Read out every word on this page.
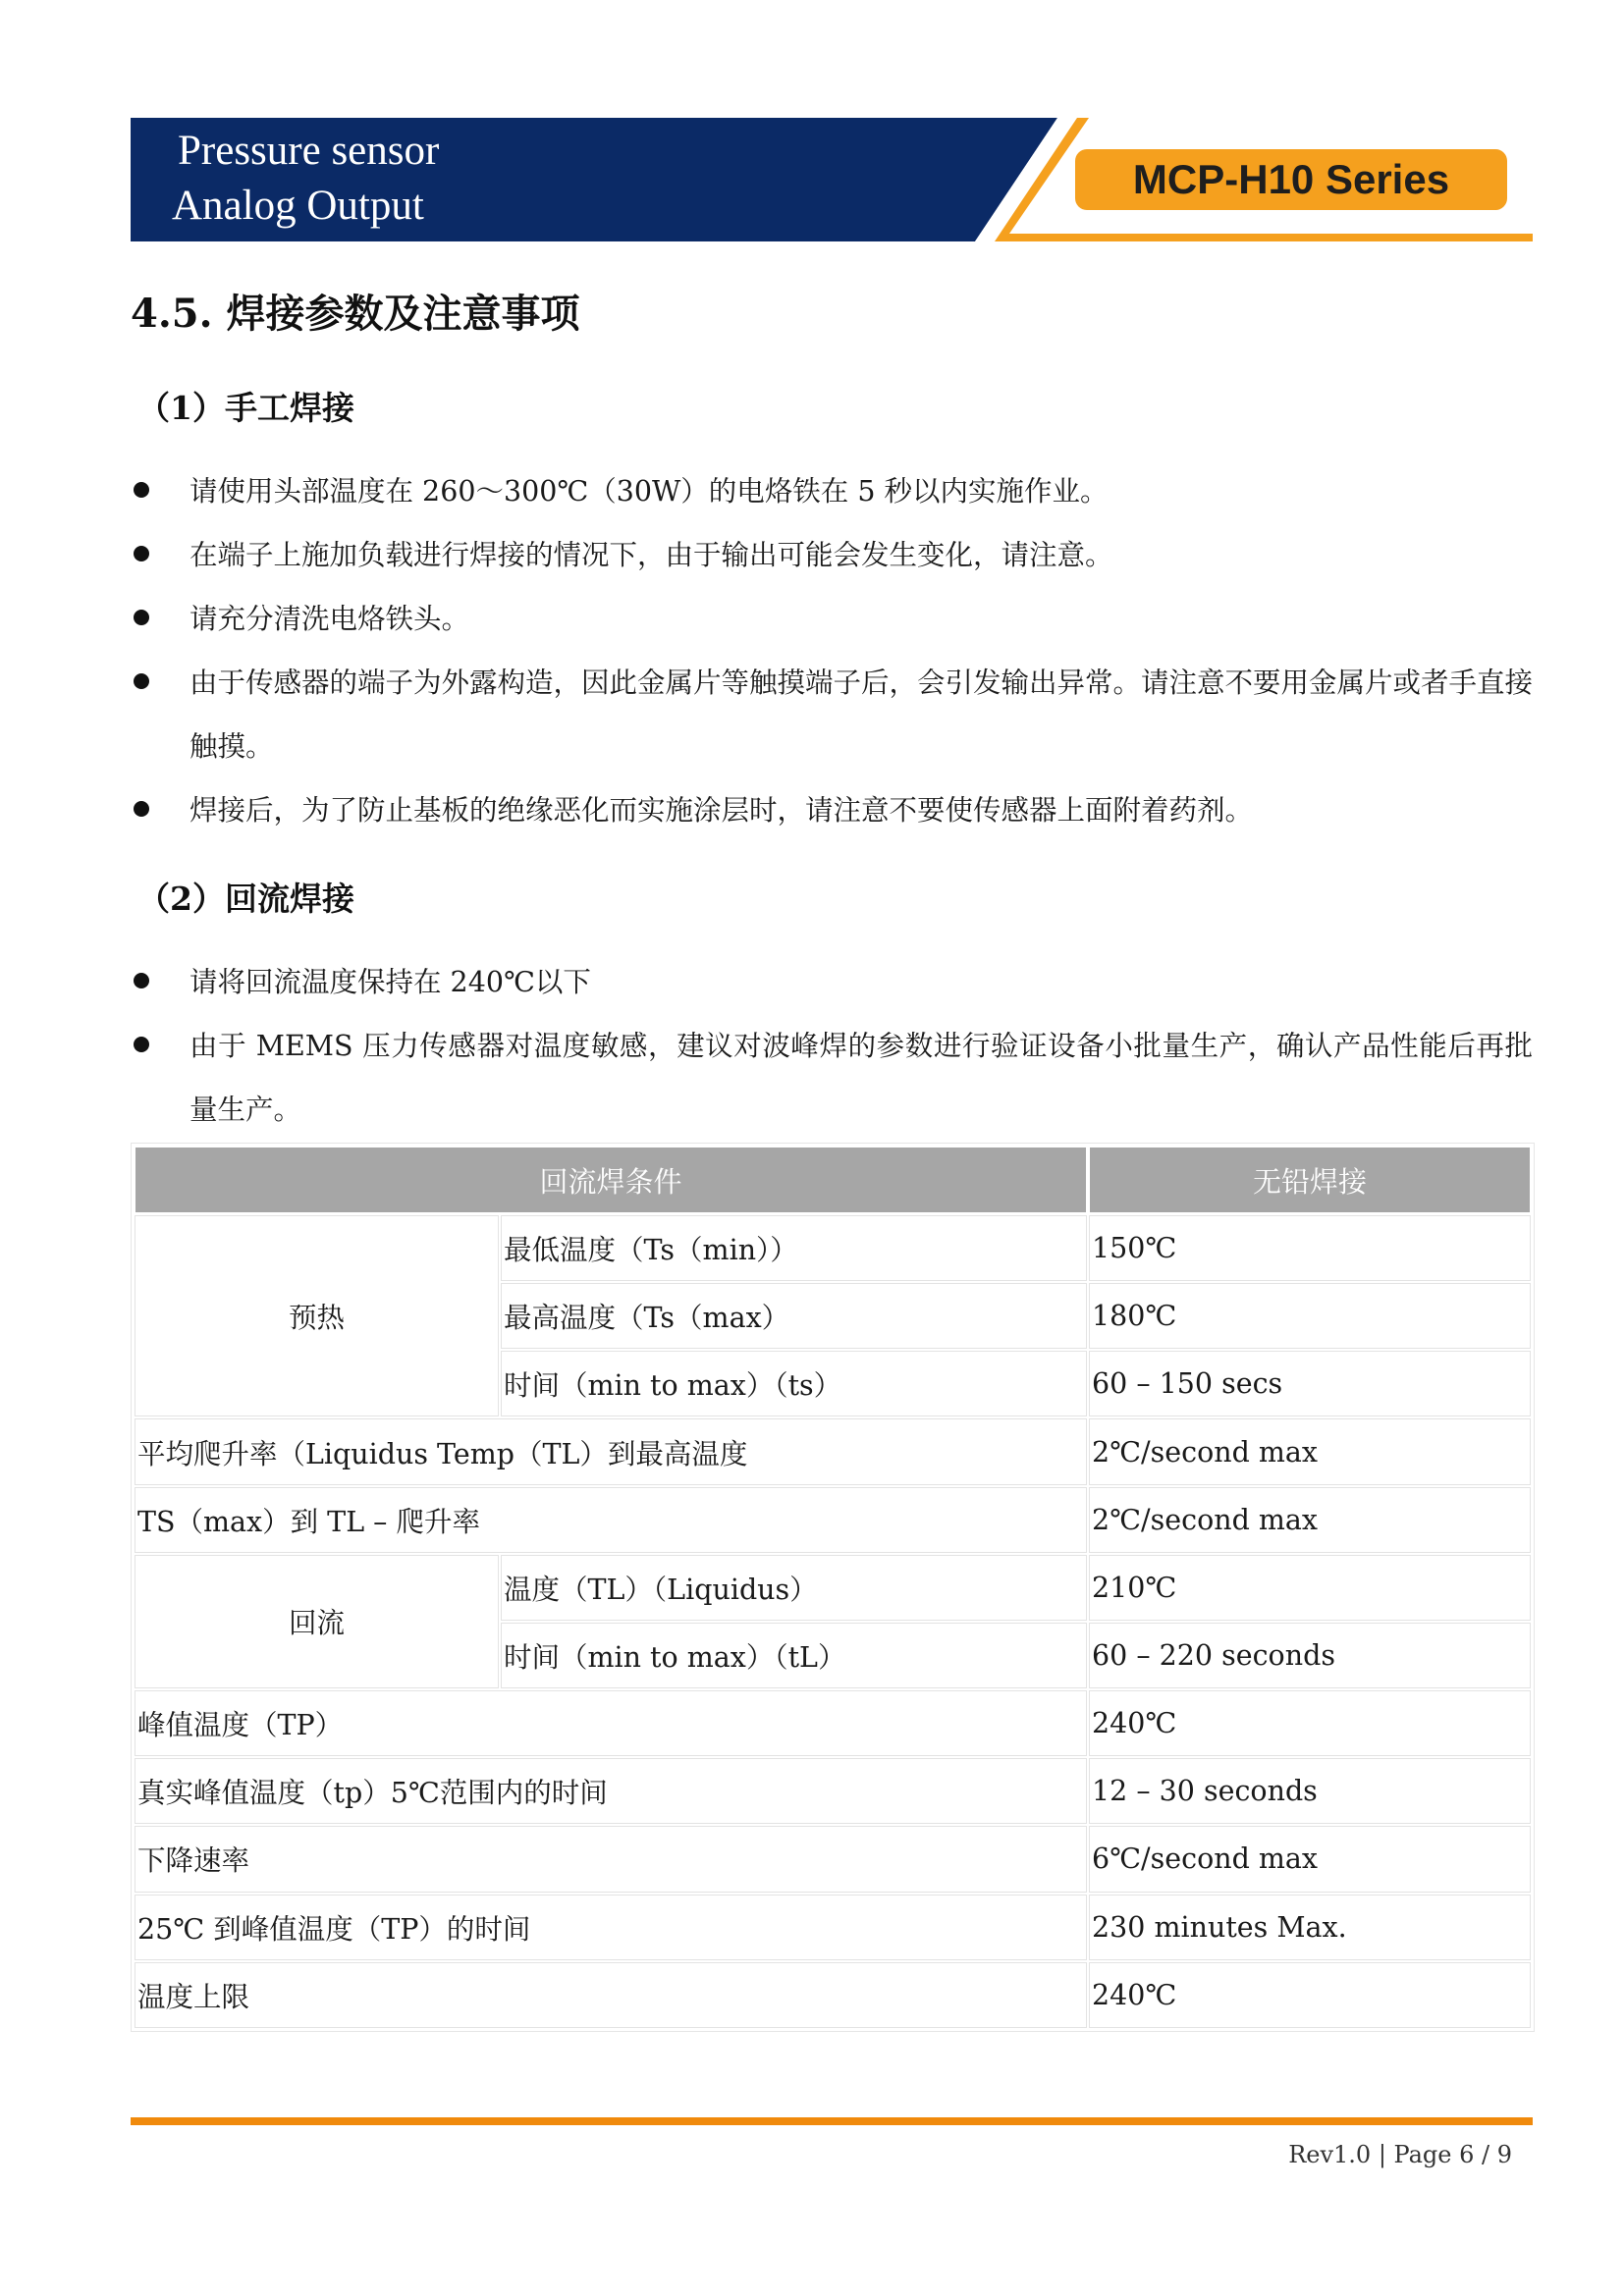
Pressure sensor
Analog Output
MCP-H10 Series
4.5. 焊接参数及注意事项
（1）手工焊接
请使用头部温度在 260～300℃（30W）的电烙铁在 5 秒以内实施作业。
在端子上施加负载进行焊接的情况下，由于输出可能会发生变化，请注意。
请充分清洗电烙铁头。
由于传感器的端子为外露构造，因此金属片等触摸端子后，会引发输出异常。请注意不要用金属片或者手直接触摸。
焊接后，为了防止基板的绝缘恶化而实施涂层时，请注意不要使传感器上面附着药剂。
（2）回流焊接
请将回流温度保持在 240℃以下
由于 MEMS 压力传感器对温度敏感，建议对波峰焊的参数进行验证设备小批量生产，确认产品性能后再批量生产。
回流焊条件		无铅焊接
预热	最低温度（Ts（min））	150℃
	最高温度（Ts（max）	180℃
	时间（min to max）（ts）	60 – 150 secs
平均爬升率（Liquidus Temp（TL）到最高温度		2℃/second max
TS（max）到 TL – 爬升率		2℃/second max
回流	温度（TL）（Liquidus）	210℃
	时间（min to max）（tL）	60 – 220 seconds
峰值温度（TP）		240℃
真实峰值温度（tp）5℃范围内的时间		12 – 30 seconds
下降速率		6℃/second max
25℃ 到峰值温度（TP）的时间		230 minutes Max.
温度上限		240℃
Rev1.0 | Page 6 / 9
